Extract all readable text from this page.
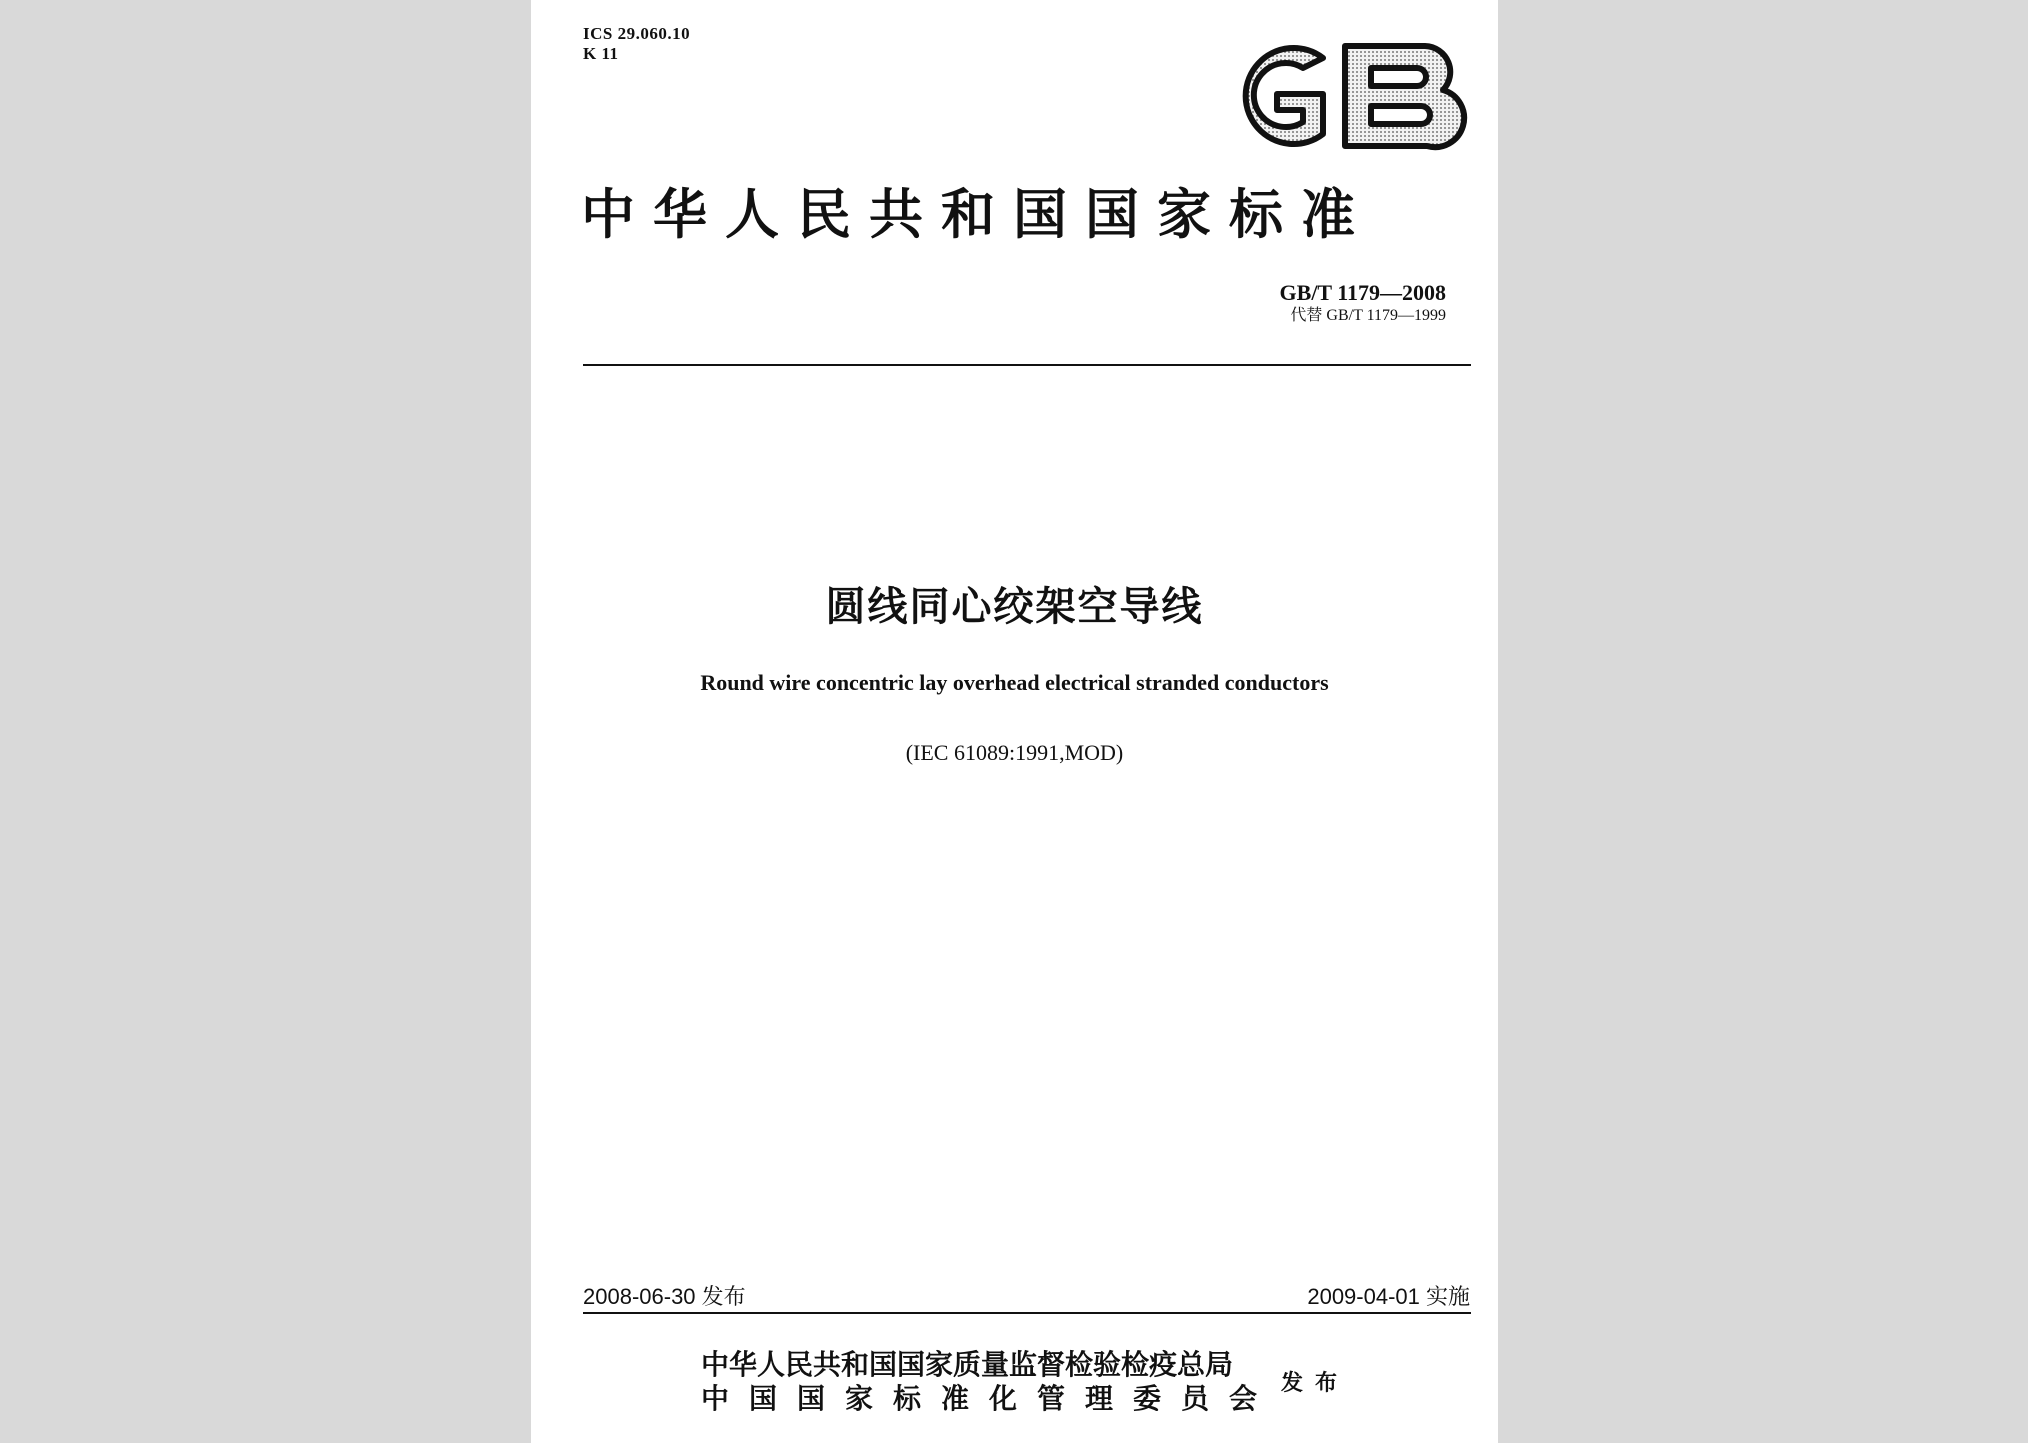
ICS 29.060.10
K 11
中华人民共和国国家标准
GB/T 1179—2008
代替 GB/T 1179—1999
圆线同心绞架空导线
Round wire concentric lay overhead electrical stranded conductors
(IEC 61089:1991,MOD)
2008-06-30 发布	2009-04-01 实施
中华人民共和国国家质量监督检验检疫总局
中国国家标准化管理委员会 发布
